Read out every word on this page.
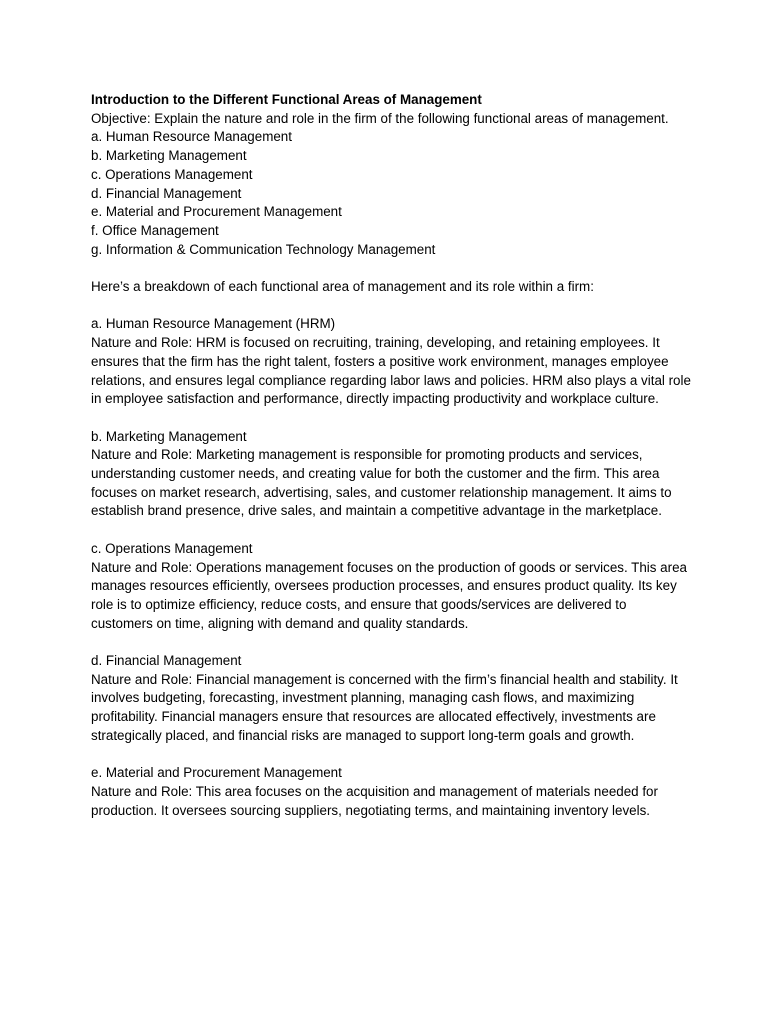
Introduction to the Different Functional Areas of Management

Objective: Explain the nature and role in the firm of the following functional areas of management.

a. Human Resource Management

b. Marketing Management

c. Operations Management

d. Financial Management

e. Material and Procurement Management

f. Office Management

g. Information & Communication Technology Management

Here’s a breakdown of each functional area of management and its role within a firm:

a. Human Resource Management (HRM)

Nature and Role: HRM is focused on recruiting, training, developing, and retaining employees. It ensures that the firm has the right talent, fosters a positive work environment, manages employee relations, and ensures legal compliance regarding labor laws and policies. HRM also plays a vital role in employee satisfaction and performance, directly impacting productivity and workplace culture.

b. Marketing Management

Nature and Role: Marketing management is responsible for promoting products and services, understanding customer needs, and creating value for both the customer and the firm. This area focuses on market research, advertising, sales, and customer relationship management. It aims to establish brand presence, drive sales, and maintain a competitive advantage in the marketplace.

c. Operations Management

Nature and Role: Operations management focuses on the production of goods or services. This area manages resources efficiently, oversees production processes, and ensures product quality. Its key role is to optimize efficiency, reduce costs, and ensure that goods/services are delivered to customers on time, aligning with demand and quality standards.

d. Financial Management

Nature and Role: Financial management is concerned with the firm’s financial health and stability. It involves budgeting, forecasting, investment planning, managing cash flows, and maximizing profitability. Financial managers ensure that resources are allocated effectively, investments are strategically placed, and financial risks are managed to support long-term goals and growth.

e. Material and Procurement Management

Nature and Role: This area focuses on the acquisition and management of materials needed for production. It oversees sourcing suppliers, negotiating terms, and maintaining inventory levels.
